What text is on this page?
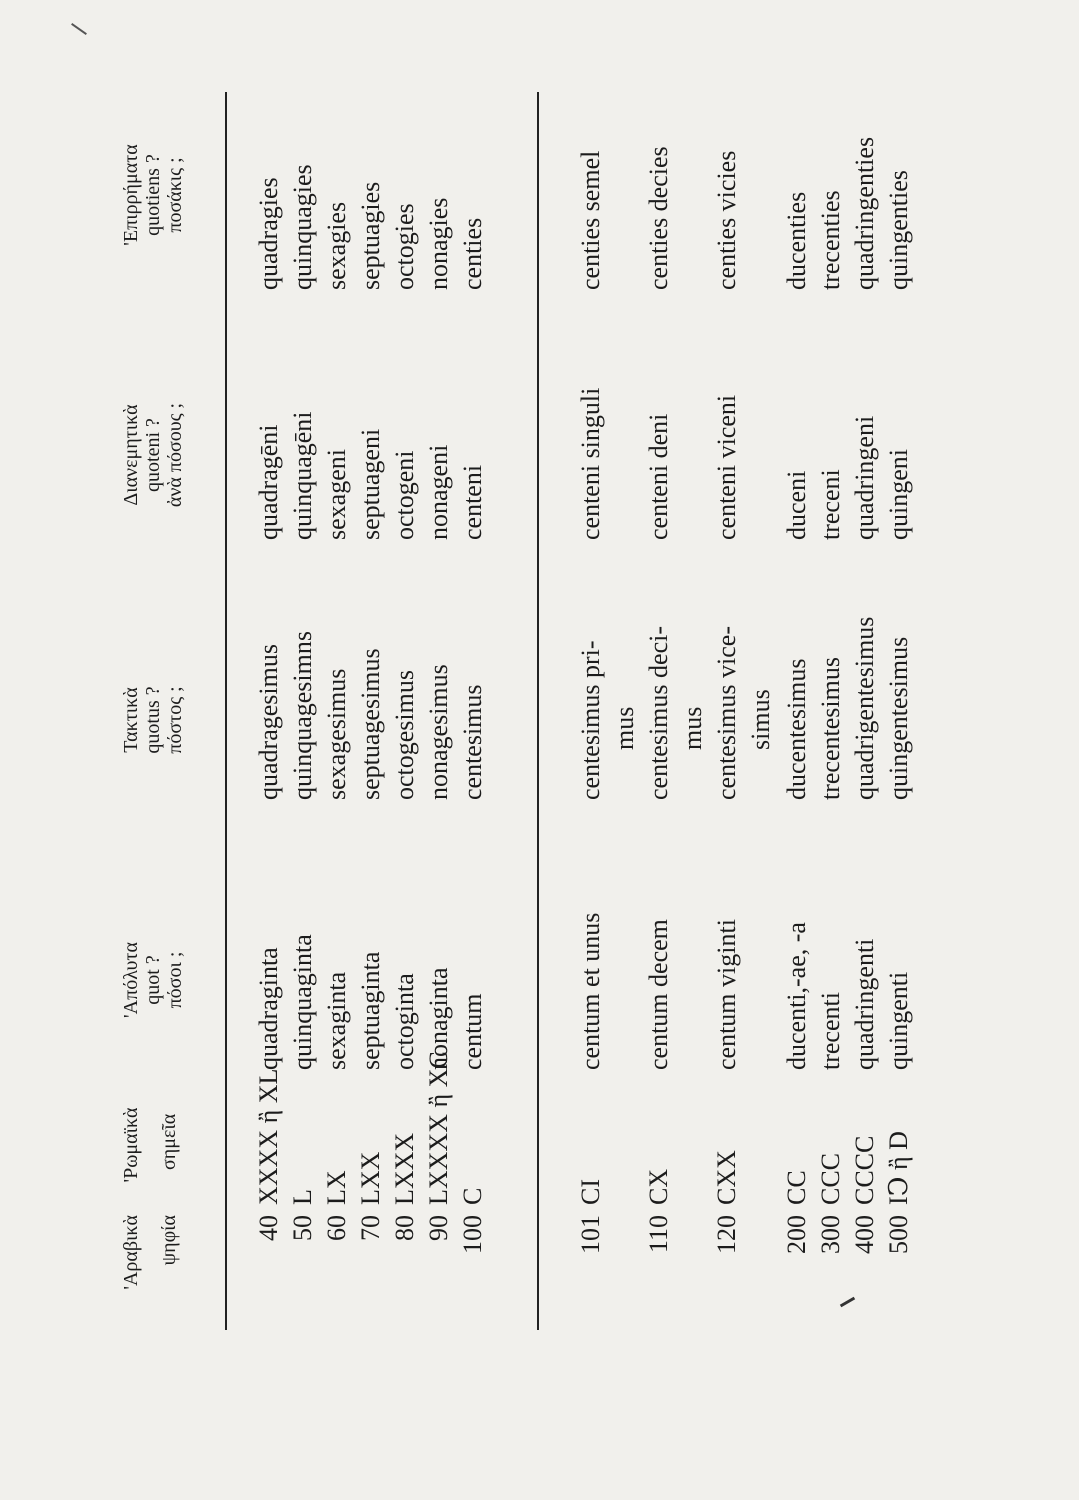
'Αραβικὰ ψηφία
'Ρωμαϊκὰ σημεῖα
'Απόλυτα quot ? πόσοι ;
Τακτικὰ quotus ? πόστος ;
Διανεμητικὰ quoteni ? ἀνὰ πόσους ;
'Επιρρήματα quotiens ? ποσάκις ;
40
XXXX ἢ XL
quadraginta
quadragesimus
quadragēni
quadragies
50
L
quinquaginta
quinquagesimns
quinquagēni
quinquagies
60
LX
sexaginta
sexagesimus
sexageni
sexagies
70
LXX
septuaginta
septuagesimus
septuageni
septuagies
80
LXXX
octoginta
octogesimus
octogeni
octogies
90
LXXXX ἢ XC
nonaginta
nonagesimus
nonageni
nonagies
100
C
centum
centesimus
centeni
centies
101
CI
centum et unus
centesimus pri-
centeni singuli
centies semel
mus
110
CX
centum decem
centesimus deci-
centeni deni
centies decies
mus
120
CXX
centum viginti
centesimus vice-
centeni viceni
centies vicies
simus
200
CC
ducenti,-ae, -a
ducentesimus
duceni
ducenties
300
CCC
trecenti
trecentesimus
treceni
trecenties
400
CCCC
quadringenti
quadrigentesimus
quadringeni
quadringenties
500
IↃ ἢ D
quingenti
quingentesimus
quingeni
quingenties
